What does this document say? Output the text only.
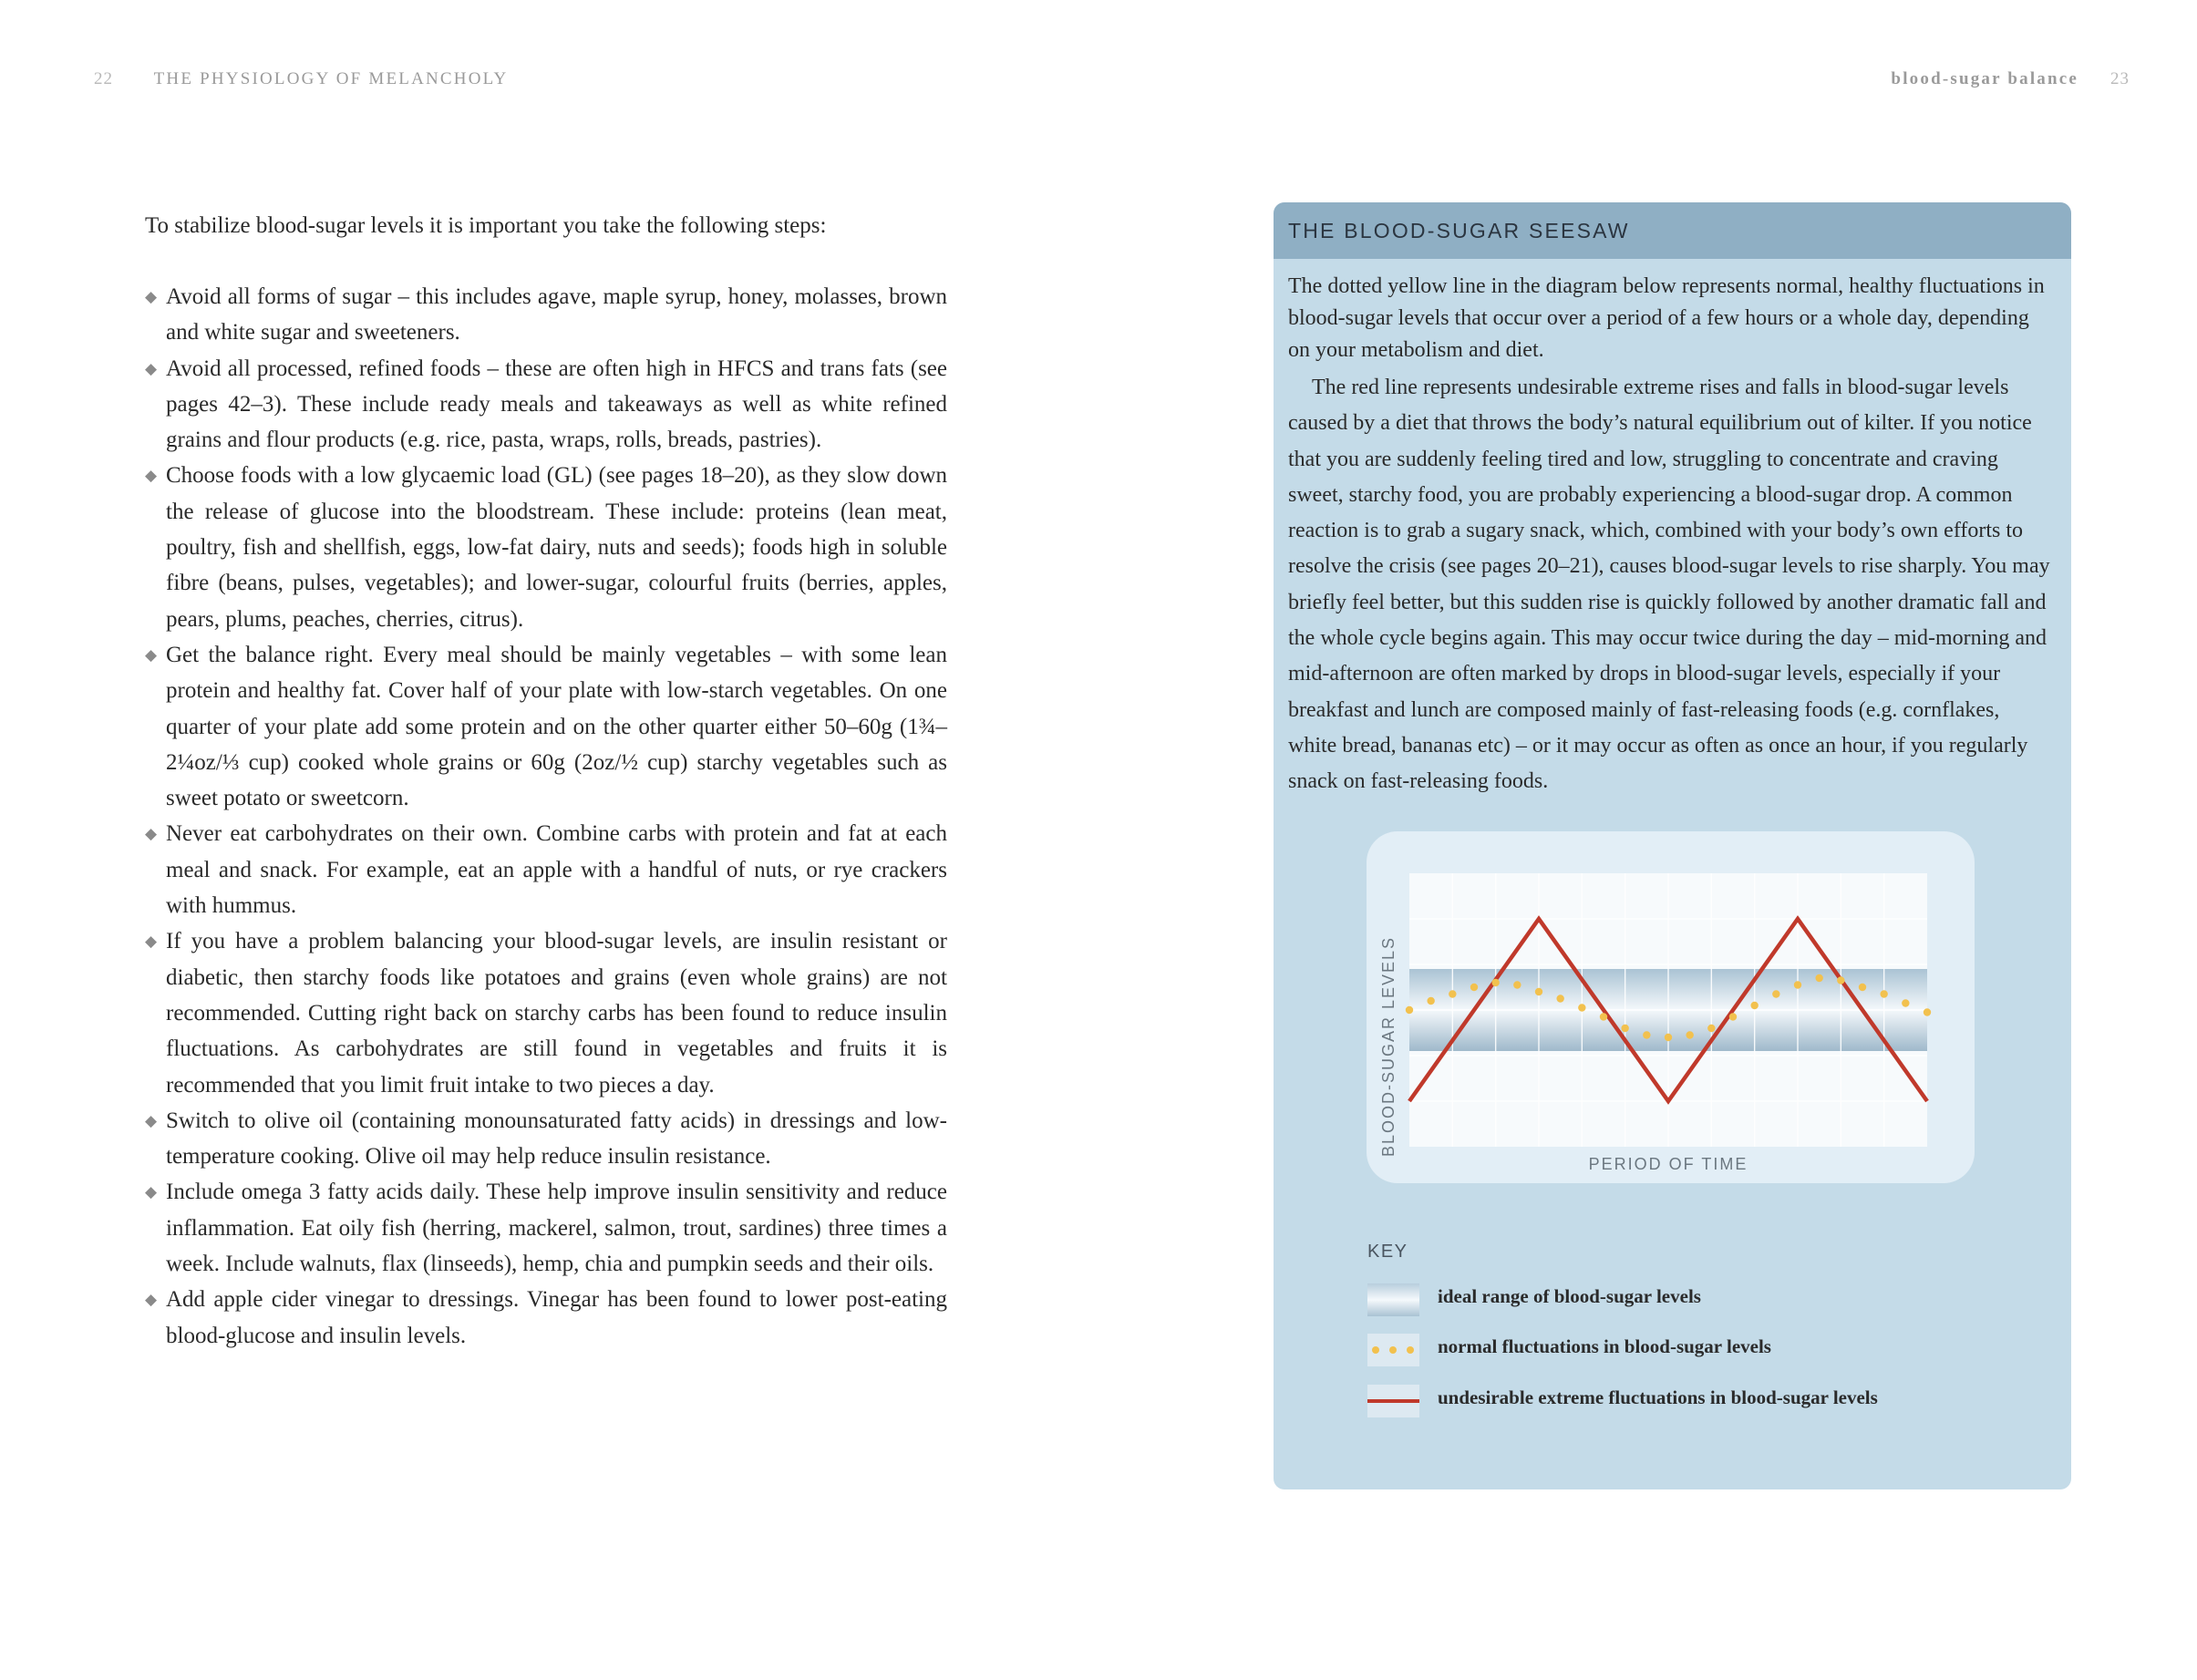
22 THE PHYSIOLOGY OF MELANCHOLY	blood-sugar balance 23

To stabilize blood-sugar levels it is important you take the following steps:

◆ Avoid all forms of sugar – this includes agave, maple syrup, honey, molasses, brown and white sugar and sweeteners.
◆ Avoid all processed, refined foods – these are often high in HFCS and trans fats (see pages 42–3). These include ready meals and takeaways as well as white refined grains and flour products (e.g. rice, pasta, wraps, rolls, breads, pastries).
◆ Choose foods with a low glycaemic load (GL) (see pages 18–20), as they slow down the release of glucose into the bloodstream. These include: proteins (lean meat, poultry, fish and shellfish, eggs, low-fat dairy, nuts and seeds); foods high in soluble fibre (beans, pulses, vegetables); and lower-sugar, colourful fruits (berries, apples, pears, plums, peaches, cherries, citrus).
◆ Get the balance right. Every meal should be mainly vegetables – with some lean protein and healthy fat. Cover half of your plate with low-starch vegetables. On one quarter of your plate add some protein and on the other quarter either 50–60g (1¾–2¼oz/⅓ cup) cooked whole grains or 60g (2oz/½ cup) starchy vegetables such as sweet potato or sweetcorn.
◆ Never eat carbohydrates on their own. Combine carbs with protein and fat at each meal and snack. For example, eat an apple with a handful of nuts, or rye crackers with hummus.
◆ If you have a problem balancing your blood-sugar levels, are insulin resistant or diabetic, then starchy foods like potatoes and grains (even whole grains) are not recommended. Cutting right back on starchy carbs has been found to reduce insulin fluctuations. As carbohydrates are still found in vegetables and fruits it is recommended that you limit fruit intake to two pieces a day.
◆ Switch to olive oil (containing monounsaturated fatty acids) in dressings and low-temperature cooking. Olive oil may help reduce insulin resistance.
◆ Include omega 3 fatty acids daily. These help improve insulin sensitivity and reduce inflammation. Eat oily fish (herring, mackerel, salmon, trout, sardines) three times a week. Include walnuts, flax (linseeds), hemp, chia and pumpkin seeds and their oils.
◆ Add apple cider vinegar to dressings. Vinegar has been found to lower post-eating blood-glucose and insulin levels.
THE BLOOD-SUGAR SEESAW

The dotted yellow line in the diagram below represents normal, healthy fluctuations in blood-sugar levels that occur over a period of a few hours or a whole day, depending on your metabolism and diet.

The red line represents undesirable extreme rises and falls in blood-sugar levels caused by a diet that throws the body’s natural equilibrium out of kilter. If you notice that you are suddenly feeling tired and low, struggling to concentrate and craving sweet, starchy food, you are probably experiencing a blood-sugar drop. A common reaction is to grab a sugary snack, which, combined with your body’s own efforts to resolve the crisis (see pages 20–21), causes blood-sugar levels to rise sharply. You may briefly feel better, but this sudden rise is quickly followed by another dramatic fall and the whole cycle begins again. This may occur twice during the day – mid-morning and mid-afternoon are often marked by drops in blood-sugar levels, especially if your breakfast and lunch are composed mainly of fast-releasing foods (e.g. cornflakes, white bread, bananas etc) – or it may occur as often as once an hour, if you regularly snack on fast-releasing foods.

PERIOD OF TIME
BLOOD-SUGAR LEVELS
KEY
ideal range of blood-sugar levels
normal fluctuations in blood-sugar levels
undesirable extreme fluctuations in blood-sugar levels
